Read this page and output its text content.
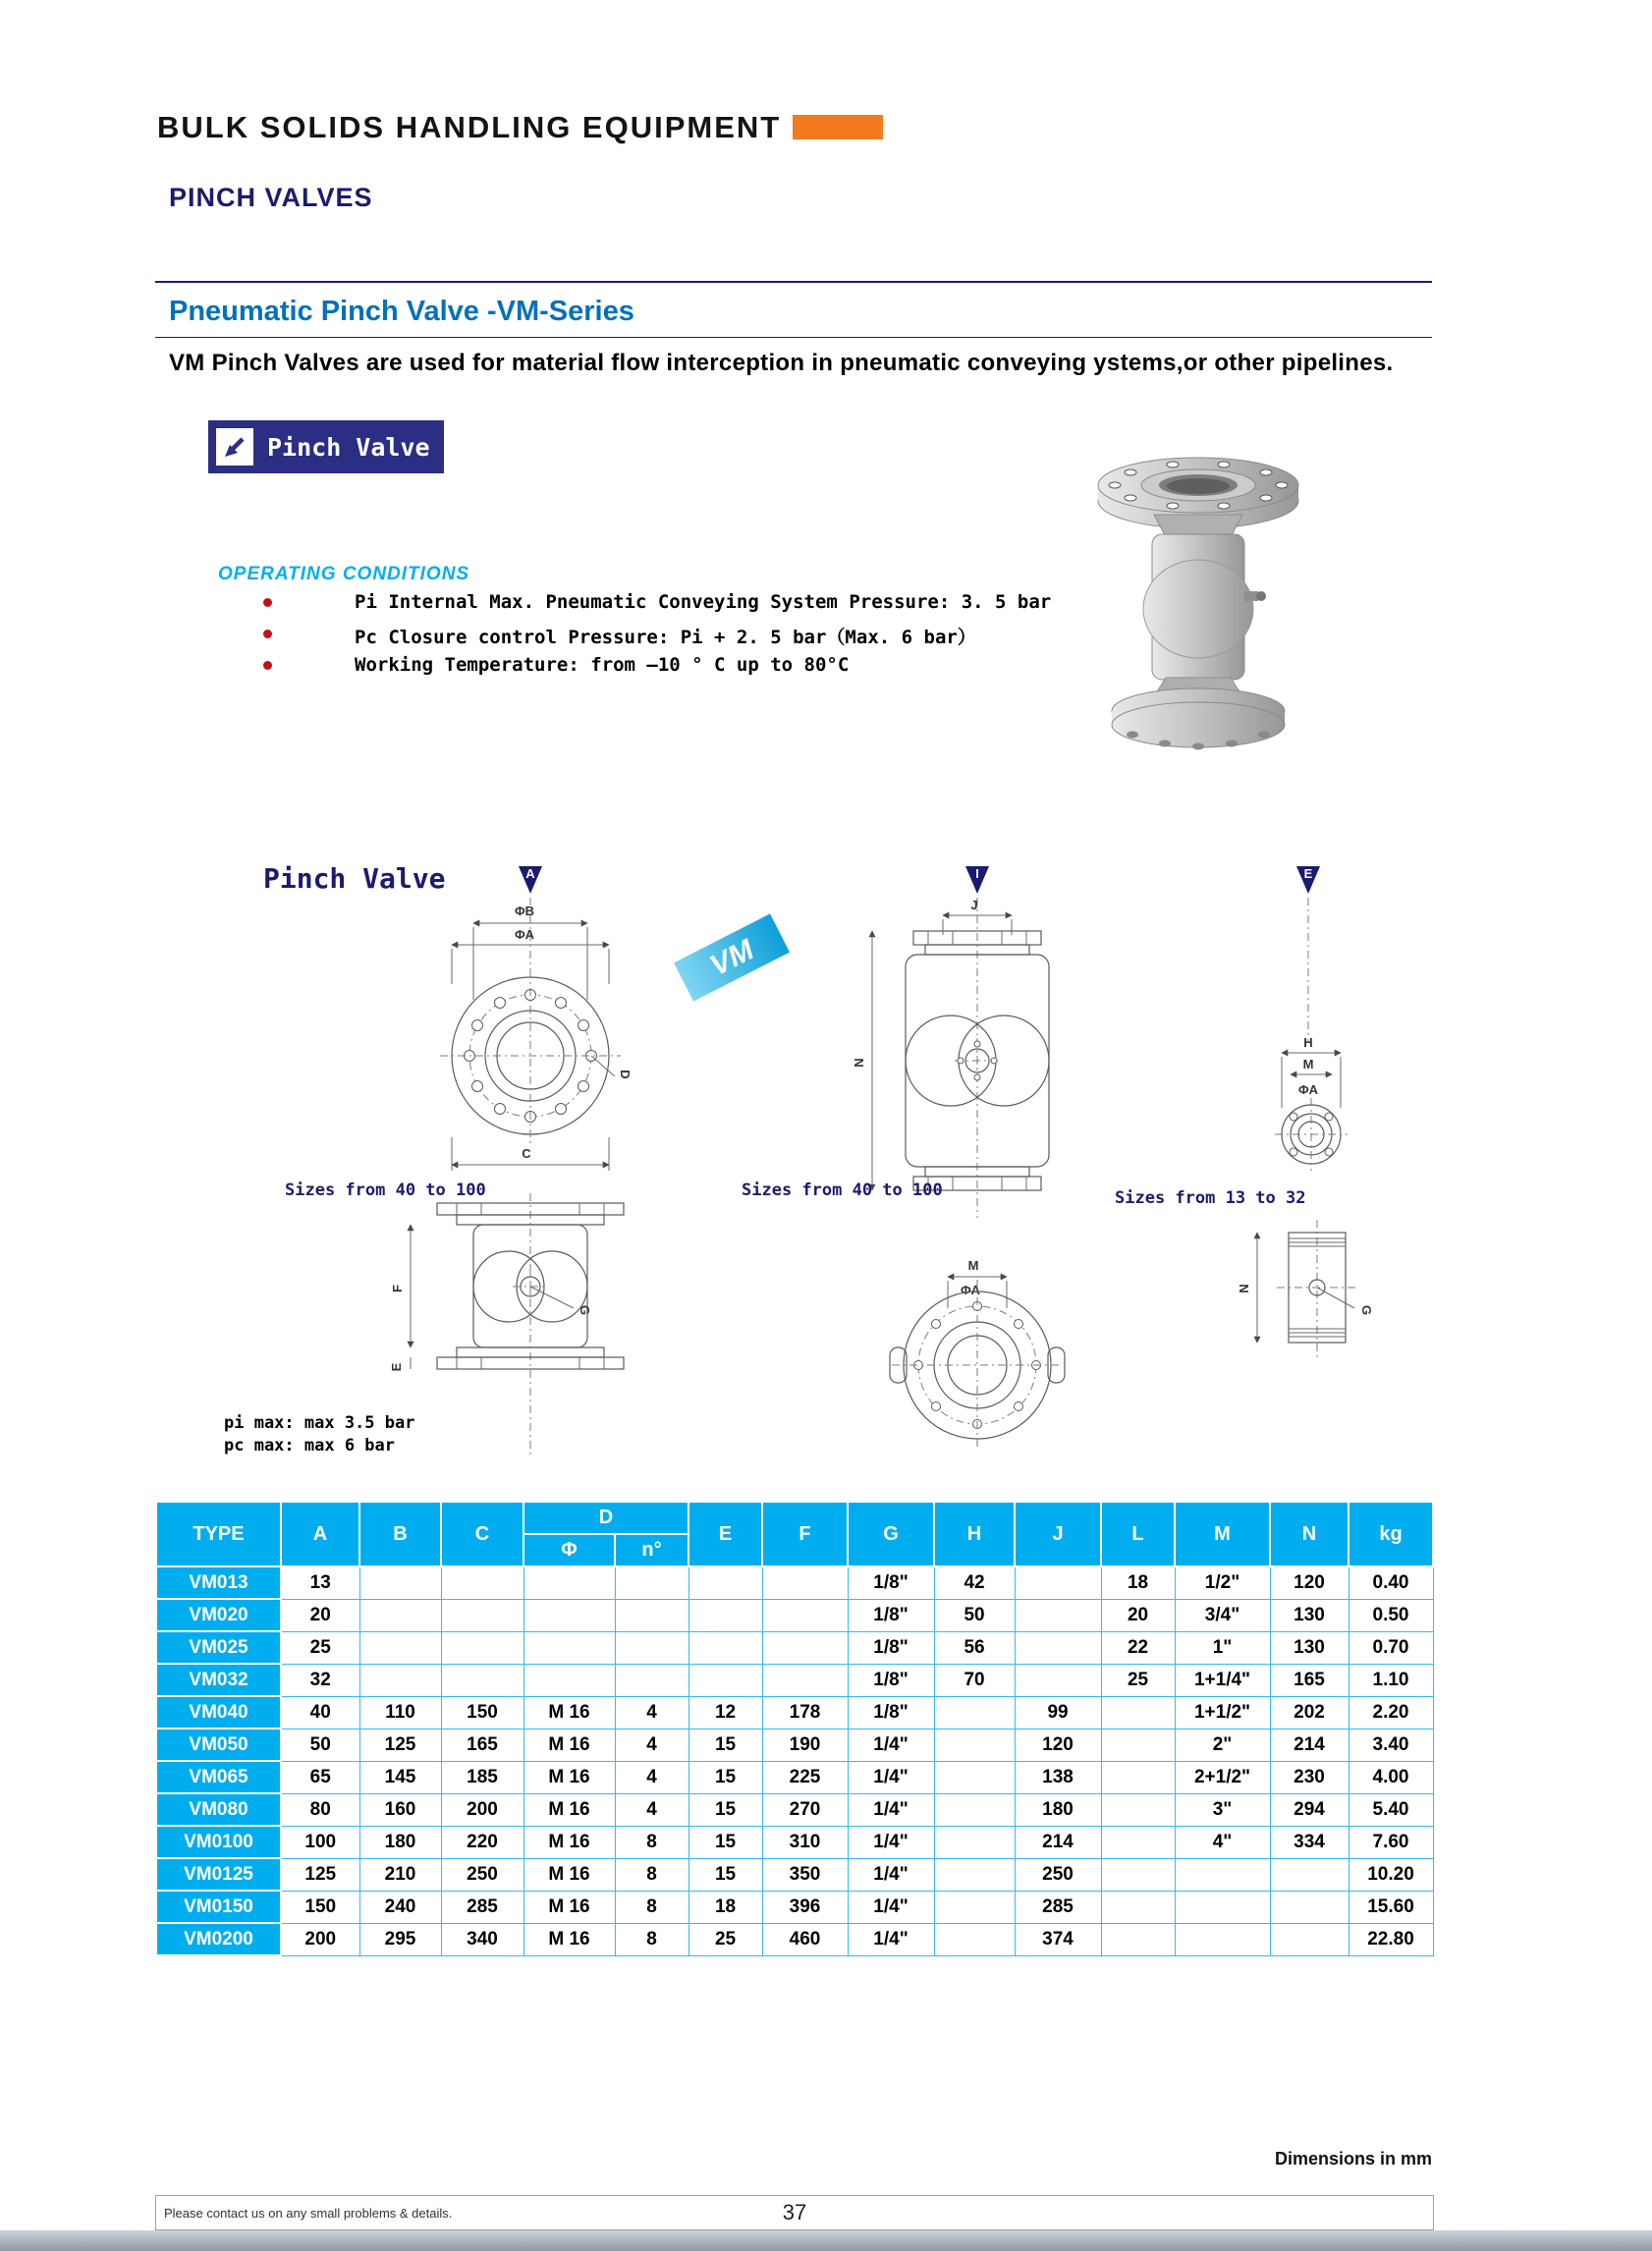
BULK SOLIDS HANDLING EQUIPMENT
PINCH VALVES
Pneumatic Pinch Valve -VM-Series
VM Pinch Valves are used for material flow interception in pneumatic conveying ystems,or other pipelines.
Pinch Valve
OPERATING CONDITIONS
Pi Internal Max. Pneumatic Conveying System Pressure: 3. 5 bar
Pc Closure control Pressure: Pi + 2. 5 bar（Max. 6 bar）
Working Temperature: from –10 ° C up to 80°C
Pinch Valve	A
ΦB
ΦA
D
C
Sizes from 40 to 100
G
F
E
pi max: max 3.5 bar
pc max: max 6 bar
VM
I
J
N
Sizes from 40 to 100
M
ΦA
E
H
M
ΦA
Sizes from 13 to 32
G
N
TYPE	A	B	C	D		E	F	G	H	J	L	M	N	kg
				Φ	n°									
VM013	13							1/8"	42		18	1/2"	120	0.40
VM020	20							1/8"	50		20	3/4"	130	0.50
VM025	25							1/8"	56		22	1"	130	0.70
VM032	32							1/8"	70		25	1+1/4"	165	1.10
VM040	40	110	150	M 16	4	12	178	1/8"		99		1+1/2"	202	2.20
VM050	50	125	165	M 16	4	15	190	1/4"		120		2"	214	3.40
VM065	65	145	185	M 16	4	15	225	1/4"		138		2+1/2"	230	4.00
VM080	80	160	200	M 16	4	15	270	1/4"		180		3"	294	5.40
VM0100	100	180	220	M 16	8	15	310	1/4"		214		4"	334	7.60
VM0125	125	210	250	M 16	8	15	350	1/4"		250				10.20
VM0150	150	240	285	M 16	8	18	396	1/4"		285				15.60
VM0200	200	295	340	M 16	8	25	460	1/4"		374				22.80
Dimensions in mm
Please contact us on any small problems & details.	37
